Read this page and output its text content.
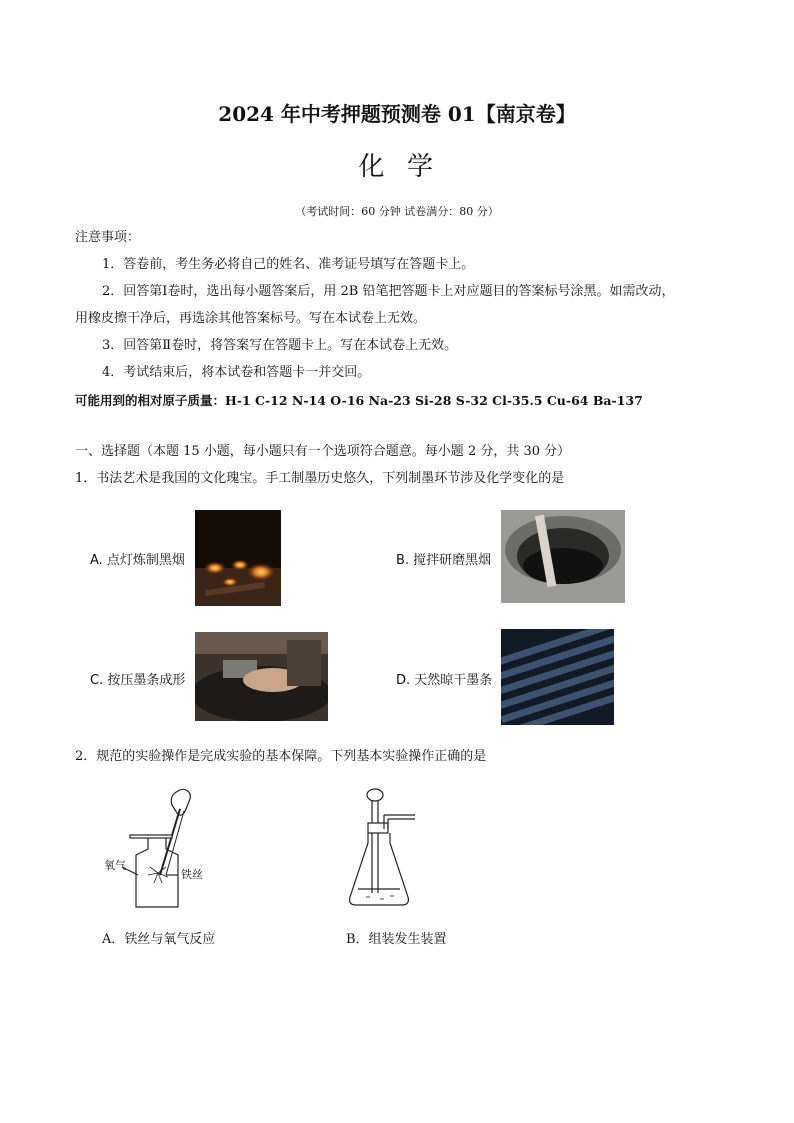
2024 年中考押题预测卷 01【南京卷】
化 学
（考试时间：60 分钟 试卷满分：80 分）
注意事项：
1．答卷前，考生务必将自己的姓名、准考证号填写在答题卡上。
2．回答第Ⅰ卷时，选出每小题答案后，用 2B 铅笔把答题卡上对应题目的答案标号涂黑。如需改动，
用橡皮擦干净后，再选涂其他答案标号。写在本试卷上无效。
3．回答第Ⅱ卷时，将答案写在答题卡上。写在本试卷上无效。
4．考试结束后，将本试卷和答题卡一并交回。
可能用到的相对原子质量：H-1 C-12 N-14 O-16 Na-23 Si-28 S-32 Cl-35.5 Cu-64 Ba-137
一、选择题（本题 15 小题，每小题只有一个选项符合题意。每小题 2 分，共 30 分）
1．书法艺术是我国的文化瑰宝。手工制墨历史悠久，下列制墨环节涉及化学变化的是
A. 点灯炼制黑烟	B. 搅拌研磨黑烟
C. 按压墨条成形	D. 天然晾干墨条
2．规范的实验操作是完成实验的基本保障。下列基本实验操作正确的是
氧气
铁丝
A．铁丝与氧气反应	B．组装发生装置
